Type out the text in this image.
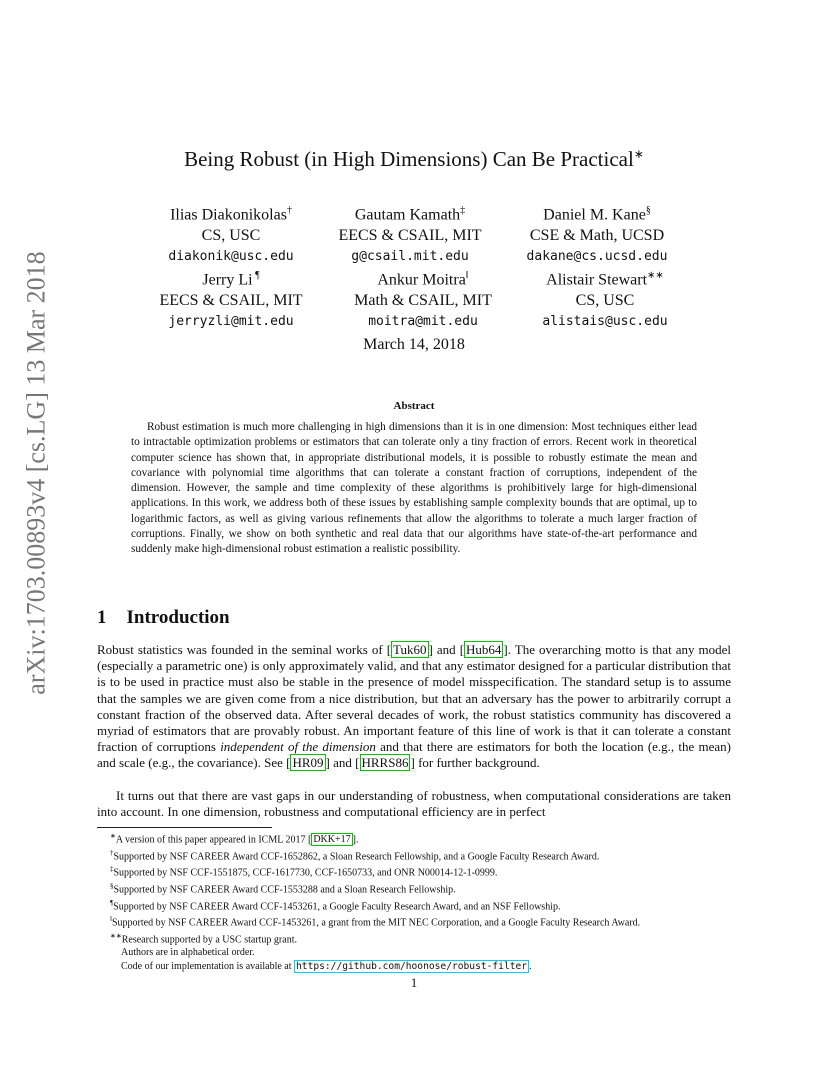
arXiv:1703.00893v4 [cs.LG] 13 Mar 2018
Being Robust (in High Dimensions) Can Be Practical∗
Ilias Diakonikolas†
CS, USC
diakonik@usc.edu
Gautam Kamath‡
EECS & CSAIL, MIT
g@csail.mit.edu
Daniel M. Kane§
CSE & Math, UCSD
dakane@cs.ucsd.edu
Jerry Li ¶
EECS & CSAIL, MIT
jerryzli@mit.edu
Ankur Moitra‖
Math & CSAIL, MIT
moitra@mit.edu
Alistair Stewart∗∗
CS, USC
alistais@usc.edu
March 14, 2018
Abstract
Robust estimation is much more challenging in high dimensions than it is in one dimension: Most techniques either lead to intractable optimization problems or estimators that can tolerate only a tiny fraction of errors. Recent work in theoretical computer science has shown that, in appropriate distributional models, it is possible to robustly estimate the mean and covariance with polynomial time algorithms that can tolerate a constant fraction of corruptions, independent of the dimension. However, the sample and time complexity of these algorithms is prohibitively large for high-dimensional applications. In this work, we address both of these issues by establishing sample complexity bounds that are optimal, up to logarithmic factors, as well as giving various refinements that allow the algorithms to tolerate a much larger fraction of corruptions. Finally, we show on both synthetic and real data that our algorithms have state-of-the-art performance and suddenly make high-dimensional robust estimation a realistic possibility.
1 Introduction
Robust statistics was founded in the seminal works of [ Tuk60 ] and [ Hub64 ]. The overarching motto is that any model (especially a parametric one) is only approximately valid, and that any estimator designed for a particular distribution that is to be used in practice must also be stable in the presence of model misspecification. The standard setup is to assume that the samples we are given come from a nice distribution, but that an adversary has the power to arbitrarily corrupt a constant fraction of the observed data. After several decades of work, the robust statistics community has discovered a myriad of estimators that are provably robust. An important feature of this line of work is that it can tolerate a constant fraction of corruptions independent of the dimension and that there are estimators for both the location (e.g., the mean) and scale (e.g., the covariance). See [ HR09 ] and [ HRRS86 ] for further background.
It turns out that there are vast gaps in our understanding of robustness, when computational considerations are taken into account. In one dimension, robustness and computational efficiency are in perfect
∗A version of this paper appeared in ICML 2017 [ DKK+17 ].
†Supported by NSF CAREER Award CCF-1652862, a Sloan Research Fellowship, and a Google Faculty Research Award.
‡Supported by NSF CCF-1551875, CCF-1617730, CCF-1650733, and ONR N00014-12-1-0999.
§Supported by NSF CAREER Award CCF-1553288 and a Sloan Research Fellowship.
¶Supported by NSF CAREER Award CCF-1453261, a Google Faculty Research Award, and an NSF Fellowship.
‖Supported by NSF CAREER Award CCF-1453261, a grant from the MIT NEC Corporation, and a Google Faculty Research Award.
∗∗Research supported by a USC startup grant.
Authors are in alphabetical order.
Code of our implementation is available at https://github.com/hoonose/robust-filter .
1
